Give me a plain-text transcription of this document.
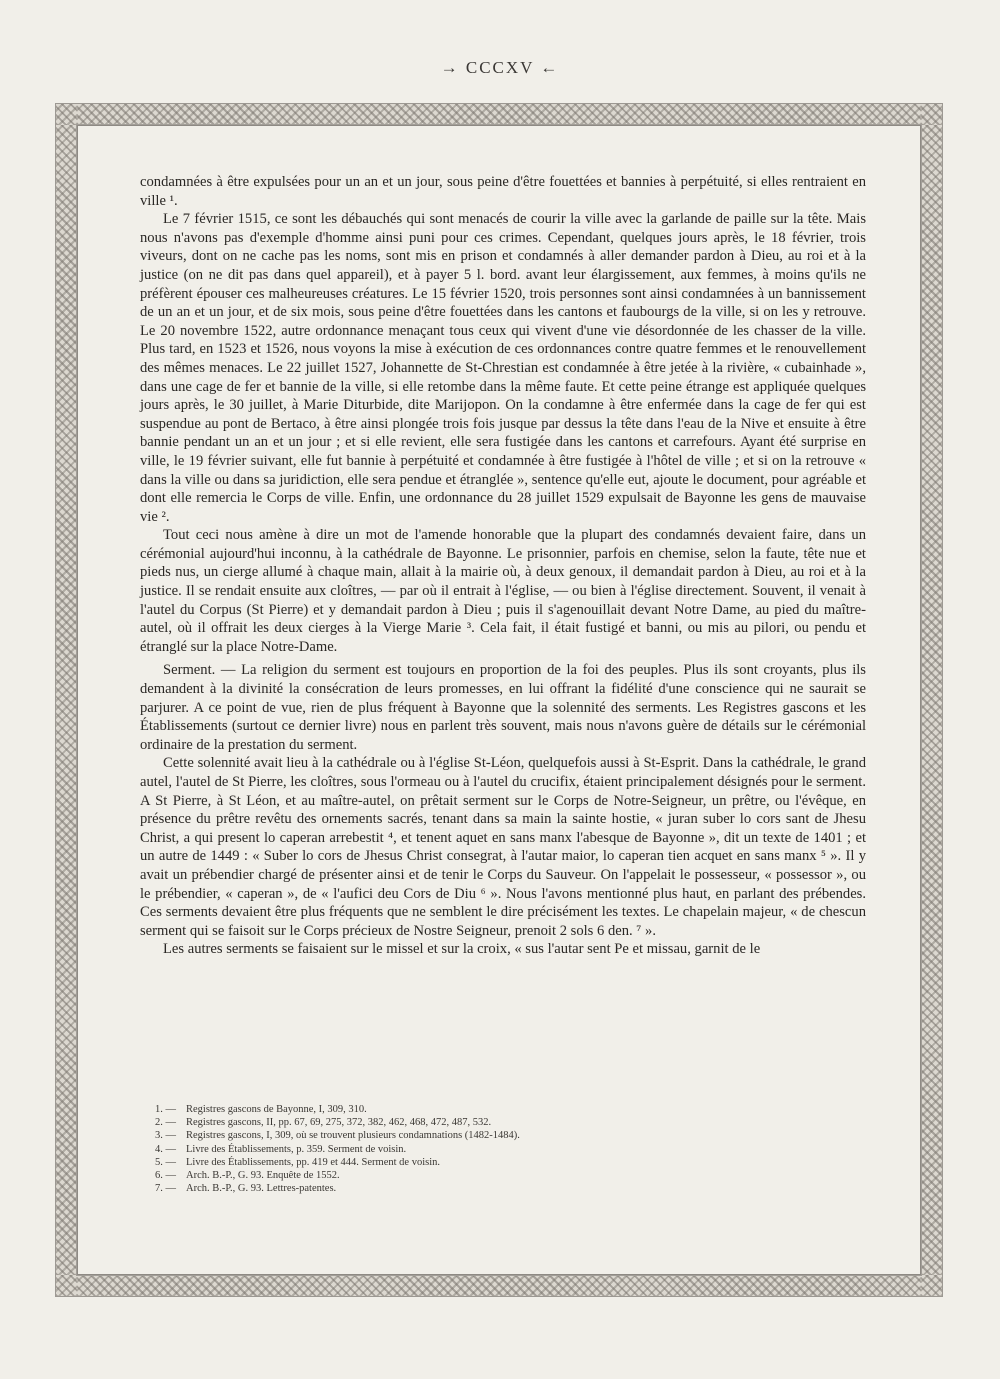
→ CCCXV ←

condamnées à être expulsées pour un an et un jour, sous peine d'être fouettées et bannies à perpétuité, si elles rentraient en ville ¹.

Le 7 février 1515, ce sont les débauchés qui sont menacés de courir la ville avec la garlande de paille sur la tête. Mais nous n'avons pas d'exemple d'homme ainsi puni pour ces crimes. Cependant, quelques jours après, le 18 février, trois viveurs, dont on ne cache pas les noms, sont mis en prison et condamnés à aller demander pardon à Dieu, au roi et à la justice (on ne dit pas dans quel appareil), et à payer 5 l. bord. avant leur élargissement, aux femmes, à moins qu'ils ne préfèrent épouser ces malheureuses créatures. Le 15 février 1520, trois personnes sont ainsi condamnées à un bannissement de un an et un jour, et de six mois, sous peine d'être fouettées dans les cantons et faubourgs de la ville, si on les y retrouve. Le 20 novembre 1522, autre ordonnance menaçant tous ceux qui vivent d'une vie désordonnée de les chasser de la ville. Plus tard, en 1523 et 1526, nous voyons la mise à exécution de ces ordonnances contre quatre femmes et le renouvellement des mêmes menaces. Le 22 juillet 1527, Johannette de St-Chrestian est condamnée à être jetée à la rivière, « cubainhade », dans une cage de fer et bannie de la ville, si elle retombe dans la même faute. Et cette peine étrange est appliquée quelques jours après, le 30 juillet, à Marie Diturbide, dite Marijopon. On la condamne à être enfermée dans la cage de fer qui est suspendue au pont de Bertaco, à être ainsi plongée trois fois jusque par dessus la tête dans l'eau de la Nive et ensuite à être bannie pendant un an et un jour ; et si elle revient, elle sera fustigée dans les cantons et carrefours. Ayant été surprise en ville, le 19 février suivant, elle fut bannie à perpétuité et condamnée à être fustigée à l'hôtel de ville ; et si on la retrouve « dans la ville ou dans sa juridiction, elle sera pendue et étranglée », sentence qu'elle eut, ajoute le document, pour agréable et dont elle remercia le Corps de ville. Enfin, une ordonnance du 28 juillet 1529 expulsait de Bayonne les gens de mauvaise vie ².

Tout ceci nous amène à dire un mot de l'amende honorable que la plupart des condamnés devaient faire, dans un cérémonial aujourd'hui inconnu, à la cathédrale de Bayonne. Le prisonnier, parfois en chemise, selon la faute, tête nue et pieds nus, un cierge allumé à chaque main, allait à la mairie où, à deux genoux, il demandait pardon à Dieu, au roi et à la justice. Il se rendait ensuite aux cloîtres, — par où il entrait à l'église, — ou bien à l'église directement. Souvent, il venait à l'autel du Corpus (St Pierre) et y demandait pardon à Dieu ; puis il s'agenouillait devant Notre Dame, au pied du maître-autel, où il offrait les deux cierges à la Vierge Marie ³. Cela fait, il était fustigé et banni, ou mis au pilori, ou pendu et étranglé sur la place Notre-Dame.

Serment. — La religion du serment est toujours en proportion de la foi des peuples. Plus ils sont croyants, plus ils demandent à la divinité la consécration de leurs promesses, en lui offrant la fidélité d'une conscience qui ne saurait se parjurer. A ce point de vue, rien de plus fréquent à Bayonne que la solennité des serments. Les Registres gascons et les Établissements (surtout ce dernier livre) nous en parlent très souvent, mais nous n'avons guère de détails sur le cérémonial ordinaire de la prestation du serment.

Cette solennité avait lieu à la cathédrale ou à l'église St-Léon, quelquefois aussi à St-Esprit. Dans la cathédrale, le grand autel, l'autel de St Pierre, les cloîtres, sous l'ormeau ou à l'autel du crucifix, étaient principalement désignés pour le serment. A St Pierre, à St Léon, et au maître-autel, on prêtait serment sur le Corps de Notre-Seigneur, un prêtre, ou l'évêque, en présence du prêtre revêtu des ornements sacrés, tenant dans sa main la sainte hostie, « juran suber lo cors sant de Jhesu Christ, a qui present lo caperan arrebestit ⁴, et tenent aquet en sans manx l'abesque de Bayonne », dit un texte de 1401 ; et un autre de 1449 : « Suber lo cors de Jhesus Christ consegrat, à l'autar maior, lo caperan tien acquet en sans manx ⁵ ». Il y avait un prébendier chargé de présenter ainsi et de tenir le Corps du Sauveur. On l'appelait le possesseur, « possessor », ou le prébendier, « caperan », de « l'aufici deu Cors de Diu ⁶ ». Nous l'avons mentionné plus haut, en parlant des prébendes. Ces serments devaient être plus fréquents que ne semblent le dire précisément les textes. Le chapelain majeur, « de chescun serment qui se faisoit sur le Corps précieux de Nostre Seigneur, prenoit 2 sols 6 den. ⁷ ».

Les autres serments se faisaient sur le missel et sur la croix, « sus l'autar sent Pe et missau, garnit de le

1. — Registres gascons de Bayonne, I, 309, 310.
2. — Registres gascons, II, pp. 67, 69, 275, 372, 382, 462, 468, 472, 487, 532.
3. — Registres gascons, I, 309, où se trouvent plusieurs condamnations (1482-1484).
4. — Livre des Établissements, p. 359. Serment de voisin.
5. — Livre des Établissements, pp. 419 et 444. Serment de voisin.
6. — Arch. B.-P., G. 93. Enquête de 1552.
7. — Arch. B.-P., G. 93. Lettres-patentes.
